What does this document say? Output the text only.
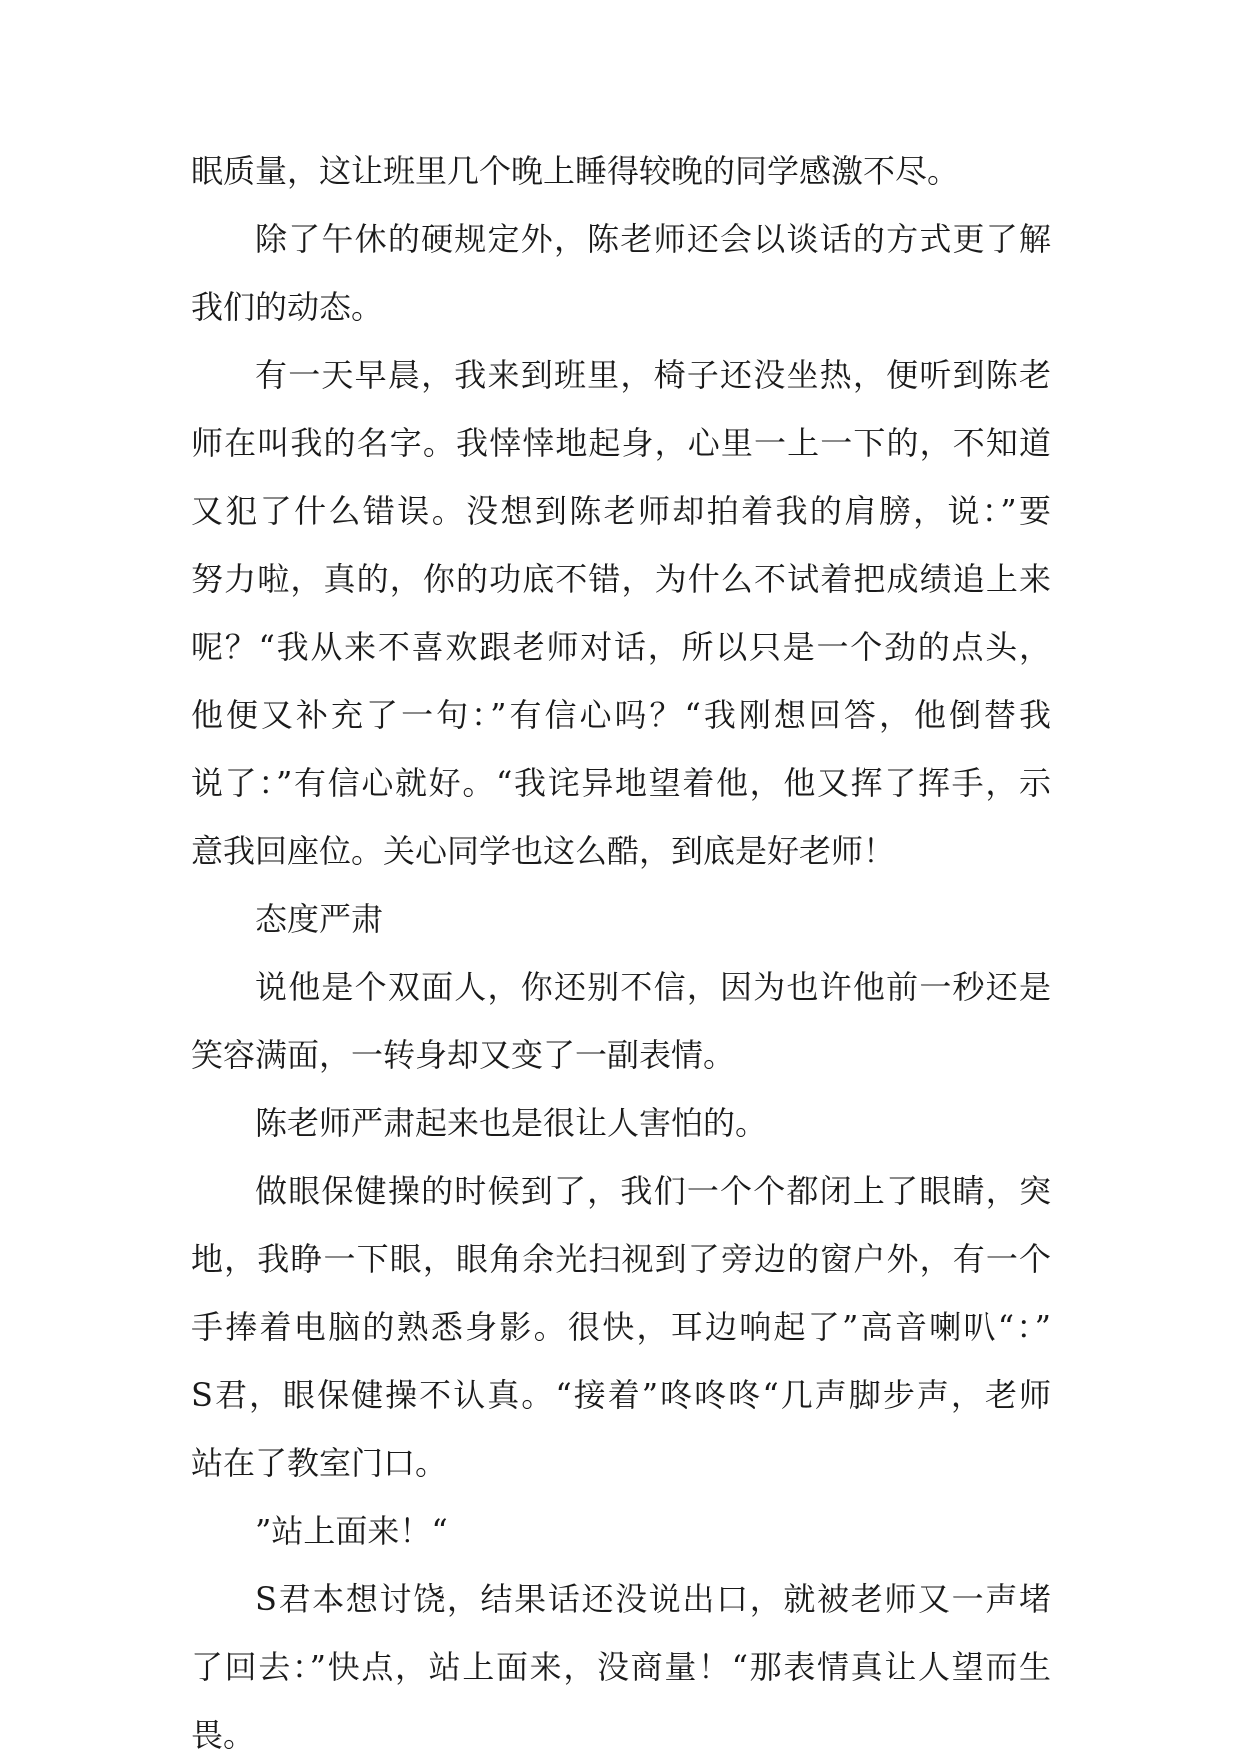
眠质量，这让班里几个晚上睡得较晚的同学感激不尽。
除了午休的硬规定外，陈老师还会以谈话的方式更了解
我们的动态。
有一天早晨，我来到班里，椅子还没坐热，便听到陈老
师在叫我的名字。我悻悻地起身，心里一上一下的，不知道
又犯了什么错误。没想到陈老师却拍着我的肩膀，说：”要
努力啦，真的，你的功底不错，为什么不试着把成绩追上来
呢？“我从来不喜欢跟老师对话，所以只是一个劲的点头，
他便又补充了一句：”有信心吗？“我刚想回答，他倒替我
说了：”有信心就好。“我诧异地望着他，他又挥了挥手，示
意我回座位。关心同学也这么酷，到底是好老师！
态度严肃
说他是个双面人，你还别不信，因为也许他前一秒还是
笑容满面，一转身却又变了一副表情。
陈老师严肃起来也是很让人害怕的。
做眼保健操的时候到了，我们一个个都闭上了眼睛，突
地，我睁一下眼，眼角余光扫视到了旁边的窗户外，有一个
手捧着电脑的熟悉身影。很快，耳边响起了”高音喇叭“：”
S君，眼保健操不认真。“接着”咚咚咚“几声脚步声，老师
站在了教室门口。
”站上面来！“
S君本想讨饶，结果话还没说出口，就被老师又一声堵
了回去：”快点，站上面来，没商量！“那表情真让人望而生
畏。
